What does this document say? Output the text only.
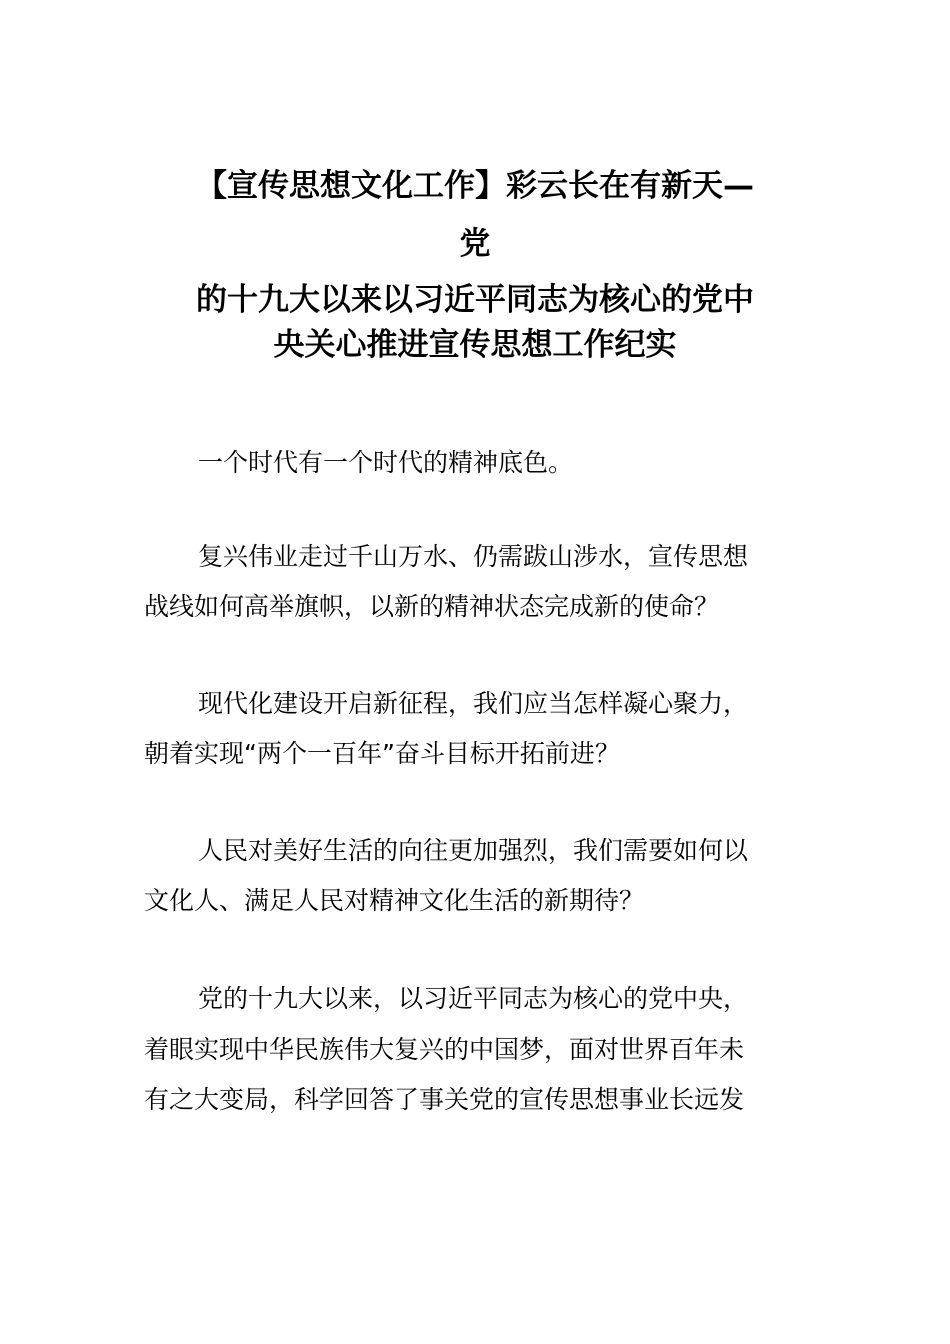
【宣传思想文化工作】彩云长在有新天—
党
的十九大以来以习近平同志为核心的党中
央关心推进宣传思想工作纪实
一个时代有一个时代的精神底色。
复兴伟业走过千山万水、仍需跋山涉水，宣传思想
战线如何高举旗帜，以新的精神状态完成新的使命？
现代化建设开启新征程，我们应当怎样凝心聚力，
朝着实现“两个一百年”奋斗目标开拓前进？
人民对美好生活的向往更加强烈，我们需要如何以
文化人、满足人民对精神文化生活的新期待？
党的十九大以来，以习近平同志为核心的党中央，
着眼实现中华民族伟大复兴的中国梦，面对世界百年未
有之大变局，科学回答了事关党的宣传思想事业长远发
